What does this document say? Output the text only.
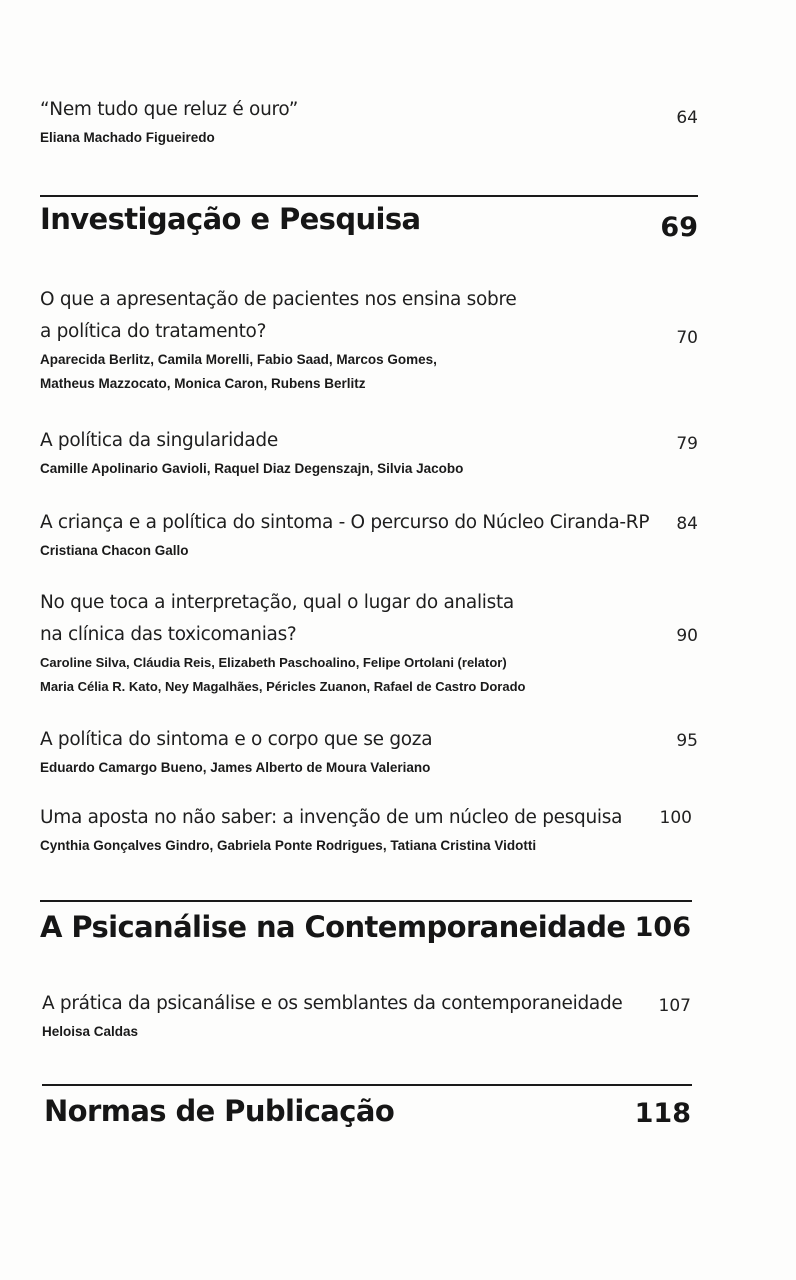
“Nem tudo que reluz é ouro”
Eliana Machado Figueiredo
64
Investigação e Pesquisa	69
O que a apresentação de pacientes nos ensina sobre
a política do tratamento?
Aparecida Berlitz, Camila Morelli, Fabio Saad, Marcos Gomes,
Matheus Mazzocato, Monica Caron, Rubens Berlitz
70
A política da singularidade
Camille Apolinario Gavioli, Raquel Diaz Degenszajn, Silvia Jacobo
79
A criança e a política do sintoma - O percurso do Núcleo Ciranda-RP
Cristiana Chacon Gallo
84
No que toca a interpretação, qual o lugar do analista
na clínica das toxicomanias?
Caroline Silva, Cláudia Reis, Elizabeth Paschoalino, Felipe Ortolani (relator)
Maria Célia R. Kato, Ney Magalhães, Péricles Zuanon, Rafael de Castro Dorado
90
A política do sintoma e o corpo que se goza
Eduardo Camargo Bueno, James Alberto de Moura Valeriano
95
Uma aposta no não saber: a invenção de um núcleo de pesquisa
Cynthia Gonçalves Gindro, Gabriela Ponte Rodrigues, Tatiana Cristina Vidotti
100
A Psicanálise na Contemporaneidade 106
A prática da psicanálise e os semblantes da contemporaneidade
Heloisa Caldas
107
Normas de Publicação	118
